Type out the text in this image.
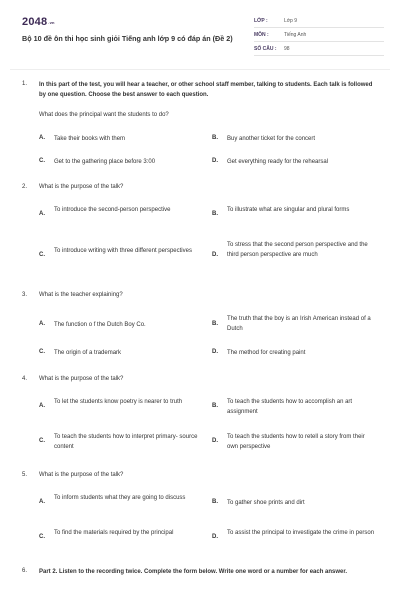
2048.vn
Bộ 10 đề ôn thi học sinh giỏi Tiếng anh lớp 9 có đáp án (Đề 2)
LỚP :	Lớp 9
MÔN :	Tiếng Anh
SỐ CÂU : 98
1.	In this part of the test, you will hear a teacher, or other school staff member, talking to students. Each talk is followed by one question. Choose the best answer to each question.
What does the principal want the students to do?
A.	Take their books with them	B.	Buy another ticket for the concert
C.	Get to the gathering place before 3:00	D.	Get everything ready for the rehearsal
2.	What is the purpose of the talk?
A.
To introduce the second-person perspective
B.
To illustrate what are singular and plural forms
C.
To introduce writing with three different perspectives
D.
To stress that the second person perspective and the third person perspective are much
3.	What is the teacher explaining?
A.	The function o f the Dutch Boy Co.	B.
The truth that the boy is an Irish American instead of a Dutch
C.	The origin of a trademark	D.	The method for creating paint
4.	What is the purpose of the talk?
A.
To let the students know poetry is nearer to truth
B.
To teach the students how to accomplish an art assignment
C.
To teach the students how to interpret primary- source content
D.
To teach the students how to retell a story from their own perspective
5.	What is the purpose of the talk?
A.
To inform students what they are going to discuss
B.	To gather shoe prints and dirt
C.
To find the materials required by the principal
D.
To assist the principal to investigate the crime in person
6.	Part 2. Listen to the recording twice. Complete the form below. Write one word or a number for each answer.
